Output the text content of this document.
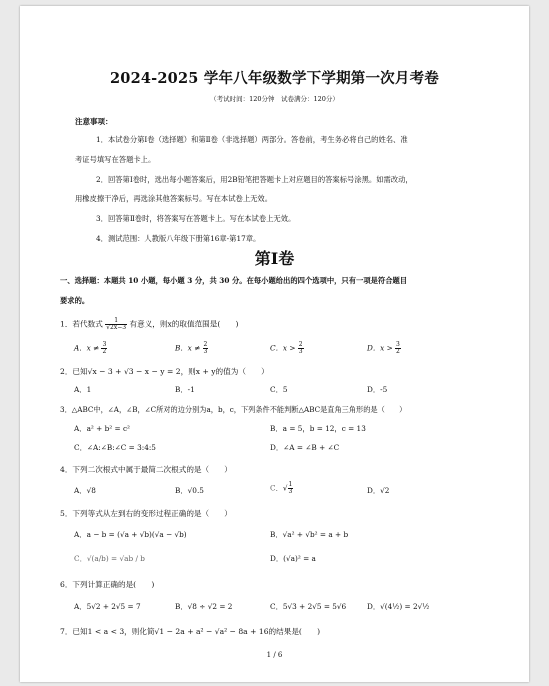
2024-2025 学年八年级数学下学期第一次月考卷
（考试时间：120分钟　试卷满分：120分）
注意事项：
1．本试卷分第Ⅰ卷（选择题）和第Ⅱ卷（非选择题）两部分。答卷前，考生务必将自己的姓名、准
考证号填写在答题卡上。
2．回答第Ⅰ卷时，选出每小题答案后，用2B铅笔把答题卡上对应题目的答案标号涂黑。如需改动，
用橡皮擦干净后，再选涂其他答案标号。写在本试卷上无效。
3．回答第Ⅱ卷时，将答案写在答题卡上。写在本试卷上无效。
4．测试范围：人教版八年级下册第16章-第17章。
第Ⅰ卷
一、选择题：本题共 10 小题，每小题 3 分，共 30 分。在每小题给出的四个选项中，只有一项是符合题目
要求的。
1．若代数式 $\frac{1}{√2x-3}$ 有意义，则x的取值范围是(　　)
A．$x \ne \frac{3}{2}$	B．$x \ne \frac{2}{3}$	C．$x > \frac{2}{3}$	D．$x > \frac{3}{2}$
2．已知√x − 3 + √3 − x − y = 2，则x + y的值为（　　）
A．1	B．-1	C．5	D．-5
3．△ABC中，∠A，∠B，∠C所对的边分别为a，b，c，下列条件不能判断△ABC是直角三角形的是（　　）
A．a² + b² = c²	B．a = 5，b = 12，c = 13
C．∠A:∠B:∠C = 3:4:5	D．∠A = ∠B + ∠C
4．下列二次根式中属于最简二次根式的是（　　）
A．√8	B．√0.5	C．√ $\frac{1}{3}$	D．√2
5．下列等式从左到右的变形过程正确的是（　　）
A．a − b = (√a + √b)(√a − √b)	B．√a² + √b² = a + b
C．√(a/b) = √ab / b	D．(√a)² = a
6．下列计算正确的是(　　)
A．5√2 + 2√5 = 7	B．√8 ÷ √2 = 2	C．5√3 + 2√5 = 5√6	D．√(4½) = 2√½
7．已知1 < a < 3，则化简√1 − 2a + a² − √a² − 8a + 16的结果是(　　)
1 / 6
